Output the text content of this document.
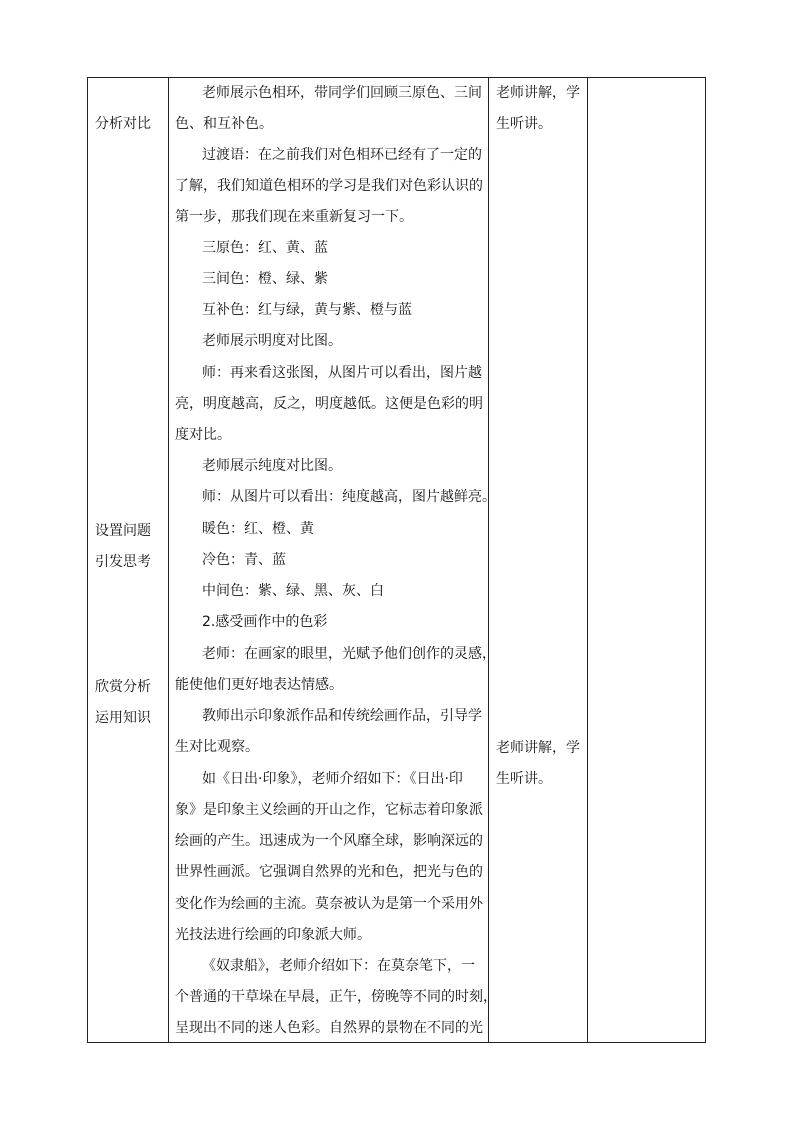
分析对比
设置问题
引发思考
欣赏分析
运用知识
老师展示色相环，带同学们回顾三原色、三间
色、和互补色。
过渡语：在之前我们对色相环已经有了一定的
了解，我们知道色相环的学习是我们对色彩认识的
第一步，那我们现在来重新复习一下。
三原色：红、黄、蓝
三间色：橙、绿、紫
互补色：红与绿，黄与紫、橙与蓝
老师展示明度对比图。
师：再来看这张图，从图片可以看出，图片越
亮，明度越高，反之，明度越低。这便是色彩的明
度对比。
老师展示纯度对比图。
师：从图片可以看出：纯度越高，图片越鲜亮。
暖色：红、橙、黄
冷色：青、蓝
中间色：紫、绿、黑、灰、白
2.感受画作中的色彩
老师：在画家的眼里，光赋予他们创作的灵感，
能使他们更好地表达情感。
教师出示印象派作品和传统绘画作品，引导学
生对比观察。
如《日出·印象》，老师介绍如下：《日出·印
象》是印象主义绘画的开山之作，它标志着印象派
绘画的产生。迅速成为一个风靡全球，影响深远的
世界性画派。它强调自然界的光和色，把光与色的
变化作为绘画的主流。莫奈被认为是第一个采用外
光技法进行绘画的印象派大师。
《奴隶船》，老师介绍如下：在莫奈笔下，一
个普通的干草垛在早晨，正午，傍晚等不同的时刻，
呈现出不同的迷人色彩。自然界的景物在不同的光
老师讲解，学
生听讲。
老师讲解，学
生听讲。
